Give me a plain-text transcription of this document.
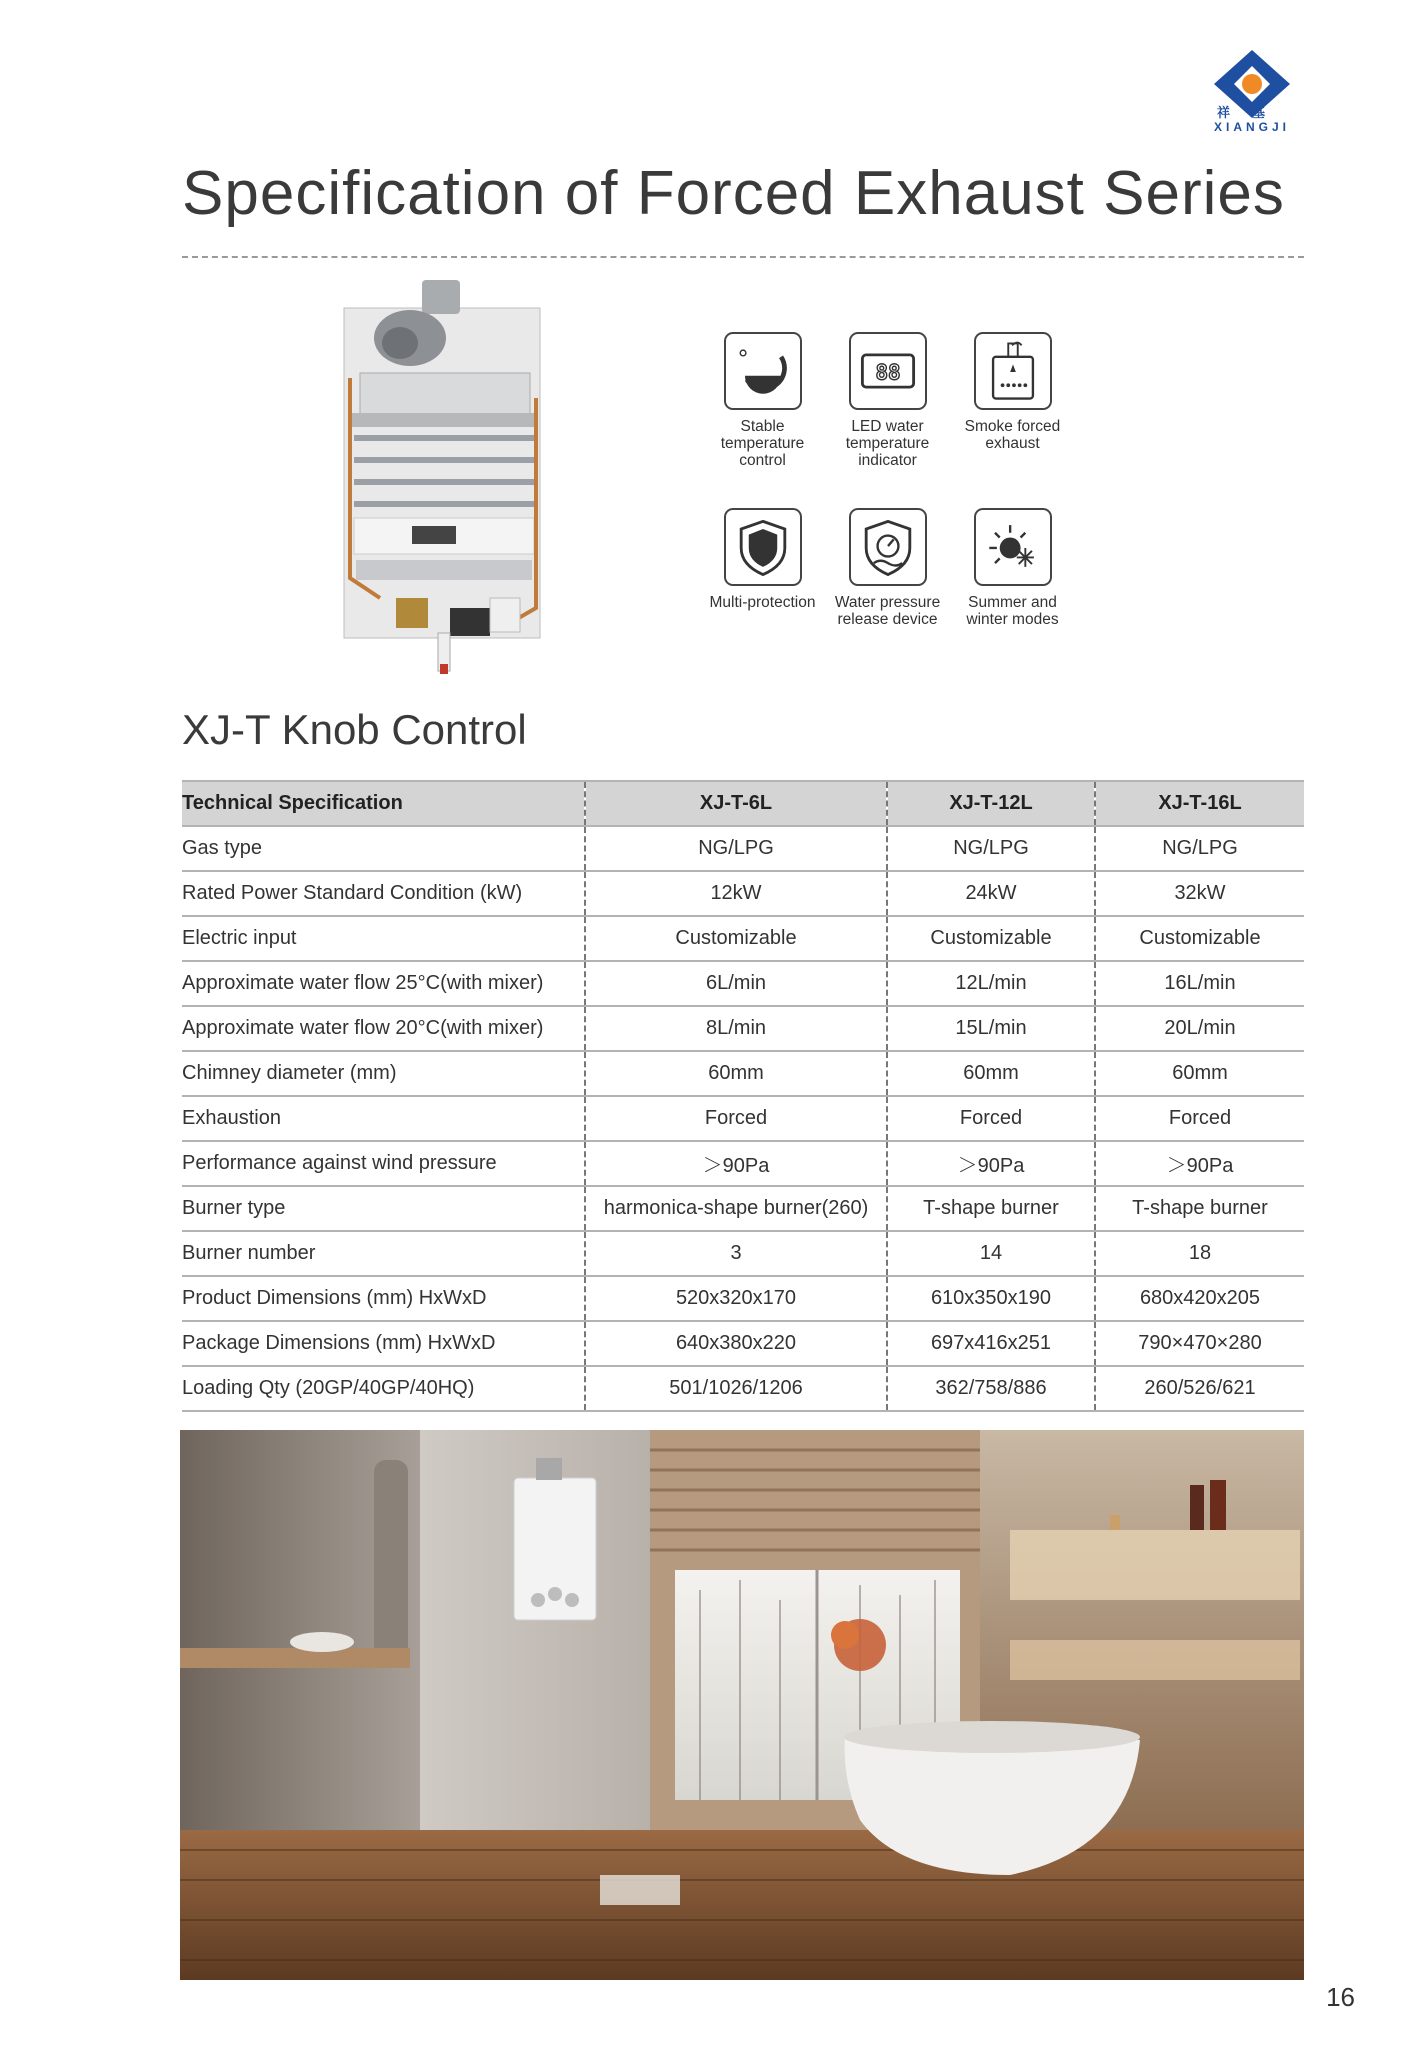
祥基
XIANGJI
Specification of Forced Exhaust Series
Stable temperature control
88
LED water temperature indicator
Smoke forced exhaust
Multi-protection	Water pressure release device
Summer and winter modes
XJ-T Knob Control
Technical Specification	XJ-T-6L	XJ-T-12L	XJ-T-16L
Gas type	NG/LPG	NG/LPG	NG/LPG
Rated Power Standard Condition (kW)	12kW	24kW	32kW
Electric input	Customizable	Customizable	Customizable
Approximate water flow 25°C(with mixer)	6L/min	12L/min	16L/min
Approximate water flow 20°C(with mixer)	8L/min	15L/min	20L/min
Chimney diameter (mm)	60mm	60mm	60mm
Exhaustion	Forced	Forced	Forced
Performance against wind pressure	＞90Pa	＞90Pa	＞90Pa
Burner type	harmonica-shape burner(260)	T-shape burner	T-shape burner
Burner number	3	14	18
Product Dimensions (mm) HxWxD	520x320x170	610x350x190	680x420x205
Package Dimensions (mm) HxWxD	640x380x220	697x416x251	790×470×280
Loading Qty (20GP/40GP/40HQ)	501/1026/1206	362/758/886	260/526/621
16
